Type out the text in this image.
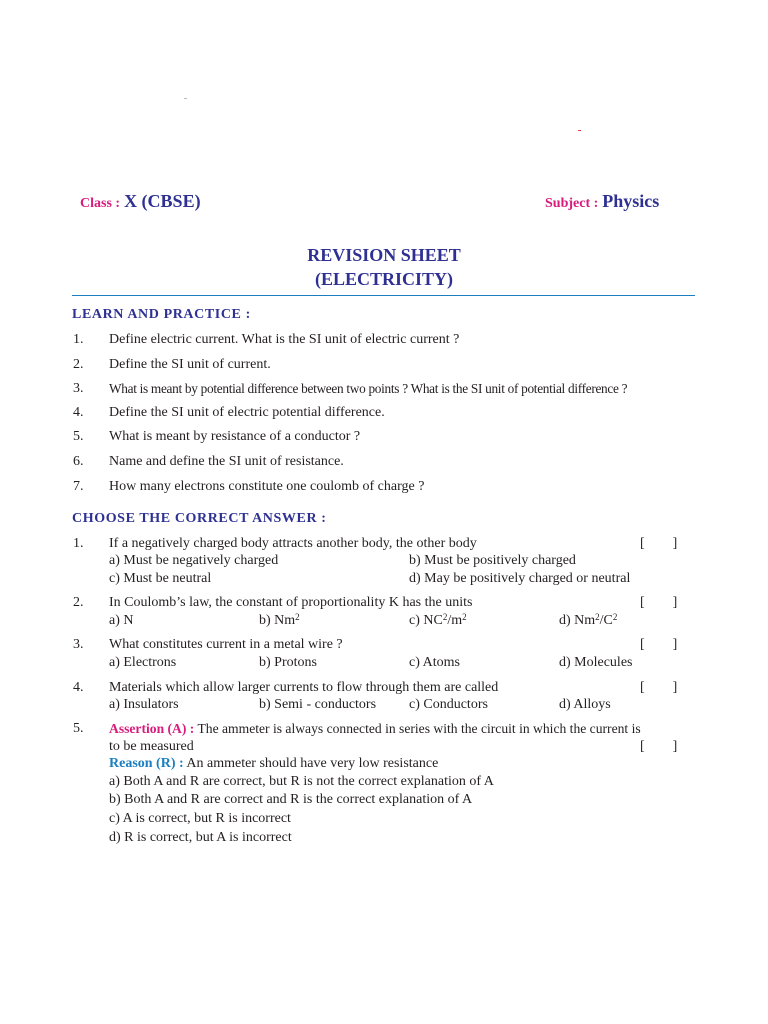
Class : X (CBSE)	Subject : Physics
REVISION SHEET
(ELECTRICITY)
LEARN AND PRACTICE :
1. Define electric current. What is the SI unit of electric current ?
2. Define the SI unit of current.
3. What is meant by potential difference between two points ? What is the SI unit of potential difference ?
4. Define the SI unit of electric potential difference.
5. What is meant by resistance of a conductor ?
6. Name and define the SI unit of resistance.
7. How many electrons constitute one coulomb of charge ?
CHOOSE THE CORRECT ANSWER :
1. If a negatively charged body attracts another body, the other body	[        ]
a) Must be negatively charged	b) Must be positively charged
c) Must be neutral	d) May be positively charged or neutral
2. In Coulomb’s law, the constant of proportionality K has the units	[        ]
a) N	b) Nm$^2$	c) $NC^2/m^2$	d) $Nm^2/C^2$
3. What constitutes current in a metal wire ?	[        ]
a) Electrons	b) Protons	c) Atoms	d) Molecules
4. Materials which allow larger currents to flow through them are called	[        ]
a) Insulators	b) Semi - conductors c) Conductors	d) Alloys
5. Assertion (A) : The ammeter is always connected in series with the circuit in which the current is
to be measured	[        ]
Reason (R) : An ammeter should have very low resistance
a) Both A and R are correct, but R is not the correct explanation of A
b) Both A and R are correct and R is the correct explanation of A
c) A is correct, but R is incorrect
d) R is correct, but A is incorrect
